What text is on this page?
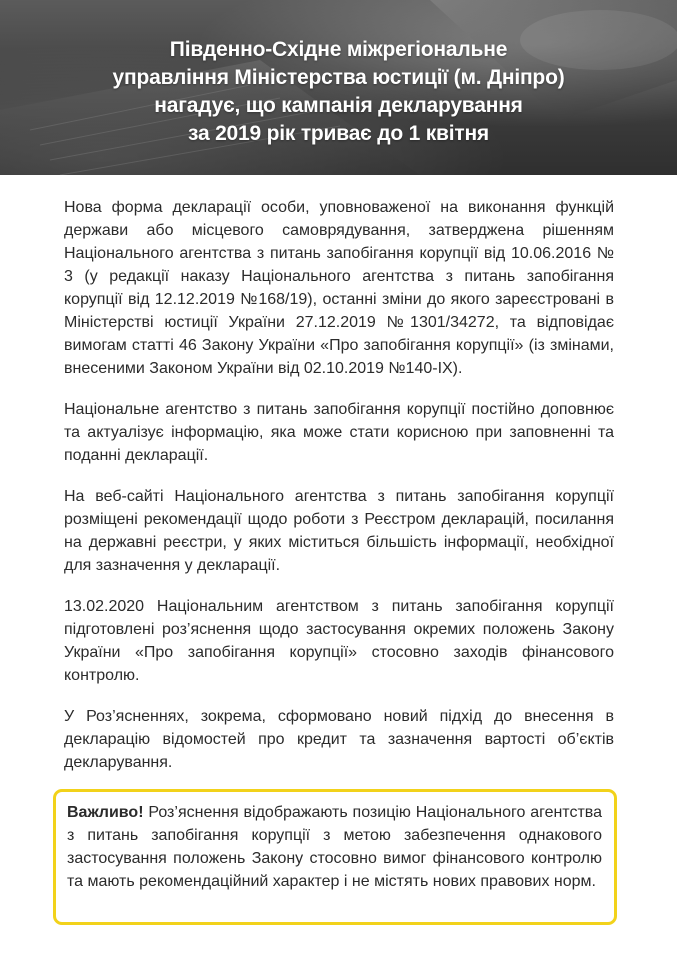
Південно-Східне міжрегіональне
управління Міністерства юстиції (м. Дніпро)
нагадує, що кампанія декларування
за 2019 рік триває до 1 квітня

Нова форма декларації особи, уповноваженої на виконання функцій держави або місцевого самоврядування, затверджена рішенням Національного агентства з питань запобігання корупції від 10.06.2016 № 3 (у редакції наказу Національного агентства з питань запобігання корупції від 12.12.2019 №168/19), останні зміни до якого зареєстровані в Міністерстві юстиції України 27.12.2019 №1301/34272, та відповідає вимогам статті 46 Закону України «Про запобігання корупції» (із змінами, внесеними Законом України від 02.10.2019 №140-IX).

Національне агентство з питань запобігання корупції постійно доповнює та актуалізує інформацію, яка може стати корисною при заповненні та поданні декларації.

На веб-сайті Національного агентства з питань запобігання корупції розміщені рекомендації щодо роботи з Реєстром декларацій, посилання на державні реєстри, у яких міститься більшість інформації, необхідної для зазначення у декларації.

13.02.2020 Національним агентством з питань запобігання корупції підготовлені роз’яснення щодо застосування окремих положень Закону України «Про запобігання корупції» стосовно заходів фінансового контролю.

У Роз’ясненнях, зокрема, сформовано новий підхід до внесення в декларацію відомостей про кредит та зазначення вартості об’єктів декларування.

Важливо! Роз’яснення відображають позицію Національного агентства з питань запобігання корупції з метою забезпечення однакового застосування положень Закону стосовно вимог фінансового контролю та мають рекомендаційний характер і не містять нових правових норм.
